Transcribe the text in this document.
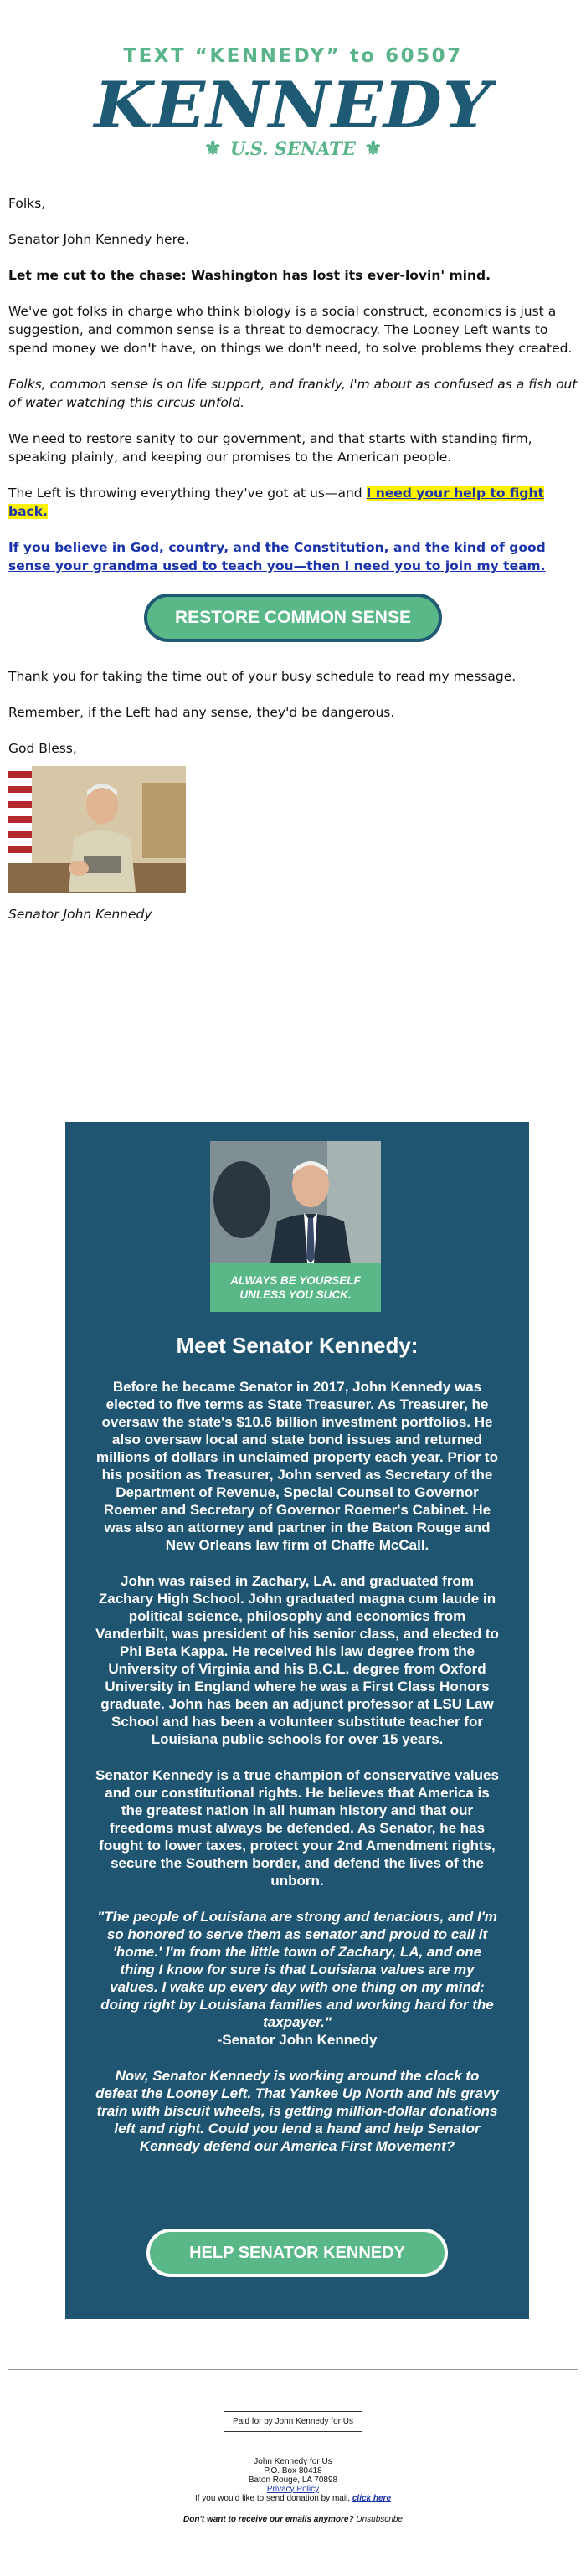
TEXT “KENNEDY” to 60507
KENNEDY
⚜ U.S. SENATE ⚜
Folks,
Senator John Kennedy here.
Let me cut to the chase: Washington has lost its ever-lovin' mind.
We've got folks in charge who think biology is a social construct, economics is just a suggestion, and common sense is a threat to democracy. The Looney Left wants to spend money we don't have, on things we don't need, to solve problems they created.
Folks, common sense is on life support, and frankly, I'm about as confused as a fish out of water watching this circus unfold.
We need to restore sanity to our government, and that starts with standing firm, speaking plainly, and keeping our promises to the American people.
The Left is throwing everything they've got at us—and I need your help to fight back.
If you believe in God, country, and the Constitution, and the kind of good sense your grandma used to teach you—then I need you to join my team.
RESTORE COMMON SENSE
Thank you for taking the time out of your busy schedule to read my message.
Remember, if the Left had any sense, they'd be dangerous.
God Bless,
Senator John Kennedy
ALWAYS BE YOURSELF UNLESS YOU SUCK.
Meet Senator Kennedy:
Before he became Senator in 2017, John Kennedy was elected to five terms as State Treasurer. As Treasurer, he oversaw the state's $10.6 billion investment portfolios. He also oversaw local and state bond issues and returned millions of dollars in unclaimed property each year. Prior to his position as Treasurer, John served as Secretary of the Department of Revenue, Special Counsel to Governor Roemer and Secretary of Governor Roemer's Cabinet. He was also an attorney and partner in the Baton Rouge and New Orleans law firm of Chaffe McCall.
John was raised in Zachary, LA. and graduated from Zachary High School. John graduated magna cum laude in political science, philosophy and economics from Vanderbilt, was president of his senior class, and elected to Phi Beta Kappa. He received his law degree from the University of Virginia and his B.C.L. degree from Oxford University in England where he was a First Class Honors graduate. John has been an adjunct professor at LSU Law School and has been a volunteer substitute teacher for Louisiana public schools for over 15 years.
Senator Kennedy is a true champion of conservative values and our constitutional rights. He believes that America is the greatest nation in all human history and that our freedoms must always be defended. As Senator, he has fought to lower taxes, protect your 2nd Amendment rights, secure the Southern border, and defend the lives of the unborn.
"The people of Louisiana are strong and tenacious, and I'm so honored to serve them as senator and proud to call it 'home.' I'm from the little town of Zachary, LA, and one thing I know for sure is that Louisiana values are my values. I wake up every day with one thing on my mind: doing right by Louisiana families and working hard for the taxpayer."
-Senator John Kennedy
Now, Senator Kennedy is working around the clock to defeat the Looney Left. That Yankee Up North and his gravy train with biscuit wheels, is getting million-dollar donations left and right. Could you lend a hand and help Senator Kennedy defend our America First Movement?
HELP SENATOR KENNEDY
Paid for by John Kennedy for Us
John Kennedy for Us
P.O. Box 80418
Baton Rouge, LA 70898
Privacy Policy
If you would like to send donation by mail, click here
Don't want to receive our emails anymore? Unsubscribe
